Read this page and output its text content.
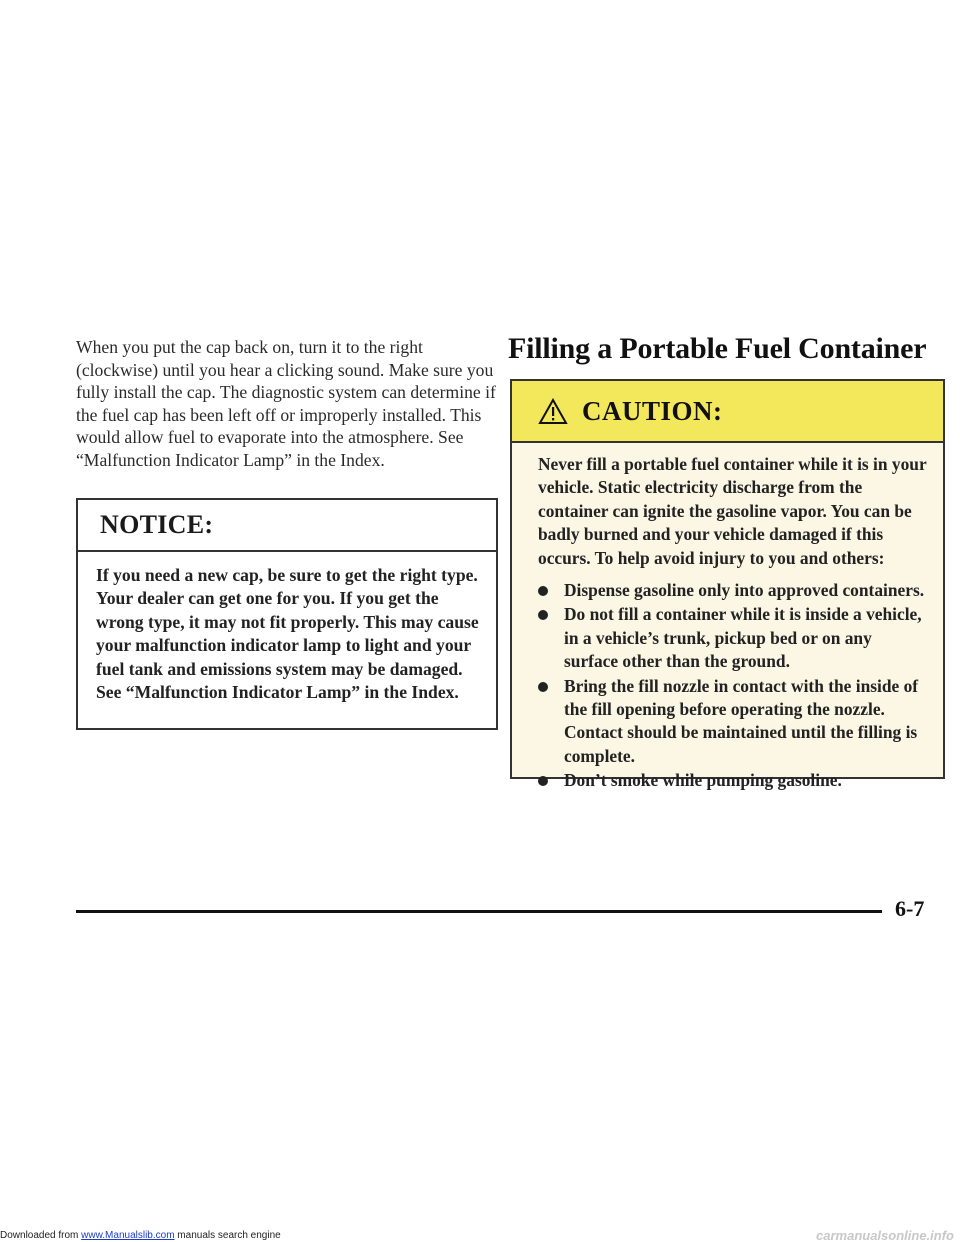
When you put the cap back on, turn it to the right (clockwise) until you hear a clicking sound. Make sure you fully install the cap. The diagnostic system can determine if the fuel cap has been left off or improperly installed. This would allow fuel to evaporate into the atmosphere. See “Malfunction Indicator Lamp” in the Index.

NOTICE:

If you need a new cap, be sure to get the right type. Your dealer can get one for you. If you get the wrong type, it may not fit properly. This may cause your malfunction indicator lamp to light and your fuel tank and emissions system may be damaged. See “Malfunction Indicator Lamp” in the Index.

Filling a Portable Fuel Container
CAUTION:

Never fill a portable fuel container while it is in your vehicle. Static electricity discharge from the container can ignite the gasoline vapor. You can be badly burned and your vehicle damaged if this occurs. To help avoid injury to you and others:

Dispense gasoline only into approved containers.
Do not fill a container while it is inside a vehicle, in a vehicle’s trunk, pickup bed or on any surface other than the ground.
Bring the fill nozzle in contact with the inside of the fill opening before operating the nozzle. Contact should be maintained until the filling is complete.
Don’t smoke while pumping gasoline.
6-7
Downloaded from www.Manualslib.com manuals search engine	carmanualsonline.info
